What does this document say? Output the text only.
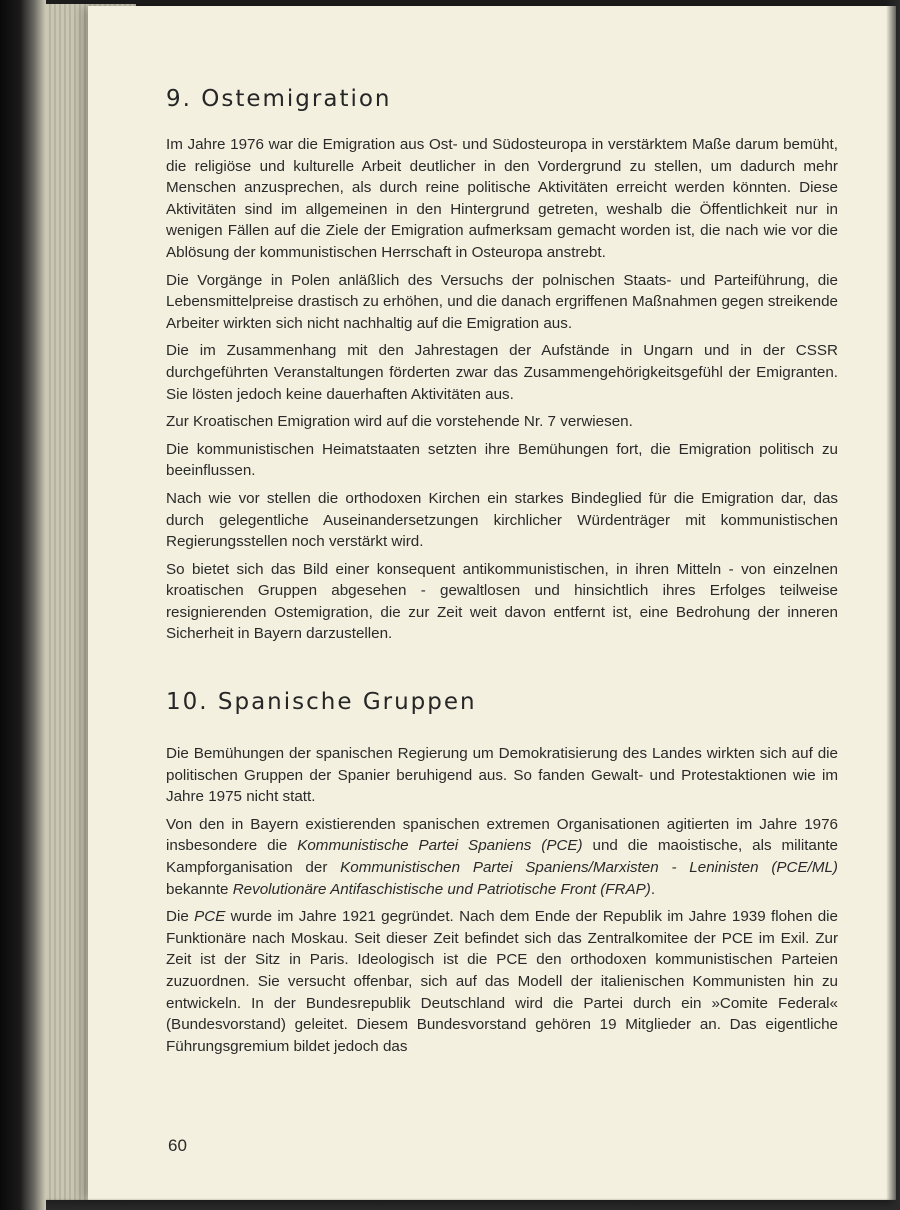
9. Ostemigration

Im Jahre 1976 war die Emigration aus Ost- und Südosteuropa in verstärktem Maße darum bemüht, die religiöse und kulturelle Arbeit deutlicher in den Vordergrund zu stellen, um dadurch mehr Menschen anzusprechen, als durch reine politische Aktivitäten erreicht werden könnten. Diese Aktivitäten sind im allgemeinen in den Hintergrund getreten, weshalb die Öffentlichkeit nur in wenigen Fällen auf die Ziele der Emigration aufmerksam gemacht worden ist, die nach wie vor die Ablösung der kommunistischen Herrschaft in Osteuropa anstrebt.

Die Vorgänge in Polen anläßlich des Versuchs der polnischen Staats- und Parteiführung, die Lebensmittelpreise drastisch zu erhöhen, und die danach ergriffenen Maßnahmen gegen streikende Arbeiter wirkten sich nicht nachhaltig auf die Emigration aus.

Die im Zusammenhang mit den Jahrestagen der Aufstände in Ungarn und in der CSSR durchgeführten Veranstaltungen förderten zwar das Zusammengehörigkeitsgefühl der Emigranten. Sie lösten jedoch keine dauerhaften Aktivitäten aus.

Zur Kroatischen Emigration wird auf die vorstehende Nr. 7 verwiesen.

Die kommunistischen Heimatstaaten setzten ihre Bemühungen fort, die Emigration politisch zu beeinflussen.

Nach wie vor stellen die orthodoxen Kirchen ein starkes Bindeglied für die Emigration dar, das durch gelegentliche Auseinandersetzungen kirchlicher Würdenträger mit kommunistischen Regierungsstellen noch verstärkt wird.

So bietet sich das Bild einer konsequent antikommunistischen, in ihren Mitteln - von einzelnen kroatischen Gruppen abgesehen - gewaltlosen und hinsichtlich ihres Erfolges teilweise resignierenden Ostemigration, die zur Zeit weit davon entfernt ist, eine Bedrohung der inneren Sicherheit in Bayern darzustellen.

10. Spanische Gruppen

Die Bemühungen der spanischen Regierung um Demokratisierung des Landes wirkten sich auf die politischen Gruppen der Spanier beruhigend aus. So fanden Gewalt- und Protestaktionen wie im Jahre 1975 nicht statt.

Von den in Bayern existierenden spanischen extremen Organisationen agitierten im Jahre 1976 insbesondere die Kommunistische Partei Spaniens (PCE) und die maoistische, als militante Kampforganisation der Kommunistischen Partei Spaniens/Marxisten - Leninisten (PCE/ML) bekannte Revolutionäre Antifaschistische und Patriotische Front (FRAP).

Die PCE wurde im Jahre 1921 gegründet. Nach dem Ende der Republik im Jahre 1939 flohen die Funktionäre nach Moskau. Seit dieser Zeit befindet sich das Zentralkomitee der PCE im Exil. Zur Zeit ist der Sitz in Paris. Ideologisch ist die PCE den orthodoxen kommunistischen Parteien zuzuordnen. Sie versucht offenbar, sich auf das Modell der italienischen Kommunisten hin zu entwickeln. In der Bundesrepublik Deutschland wird die Partei durch ein »Comite Federal« (Bundesvorstand) geleitet. Diesem Bundesvorstand gehören 19 Mitglieder an. Das eigentliche Führungsgremium bildet jedoch das

60
